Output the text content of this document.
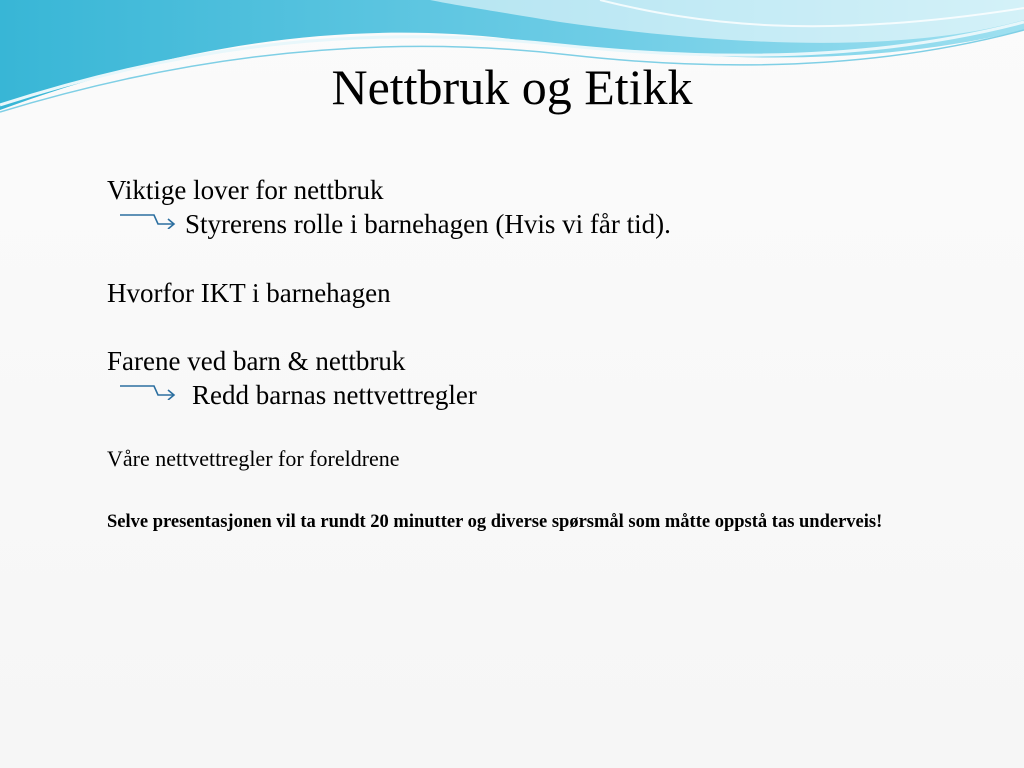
Nettbruk og Etikk

Viktige lover for nettbruk

Styrerens rolle i barnehagen (Hvis vi får tid).

Hvorfor IKT i barnehagen

Farene ved barn & nettbruk

Redd barnas nettvettregler

Våre nettvettregler for foreldrene

Selve presentasjonen vil ta rundt 20 minutter og diverse spørsmål som måtte oppstå tas underveis!
